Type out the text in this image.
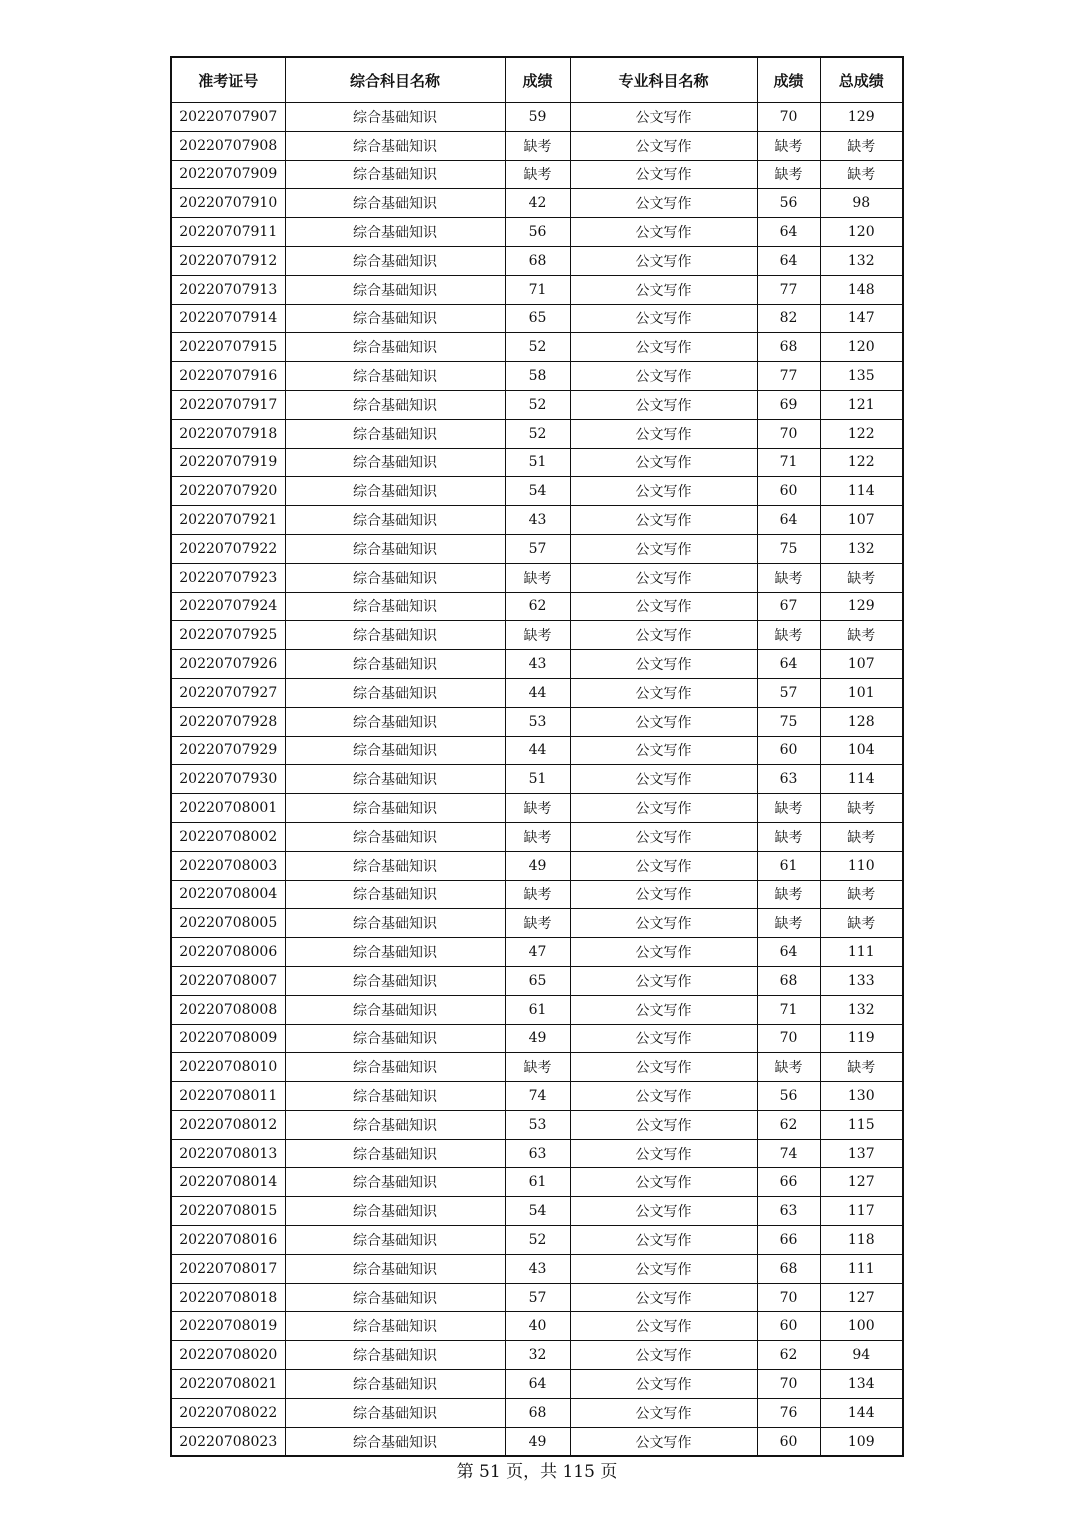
准考证号	综合科目名称	成绩	专业科目名称	成绩	总成绩
20220707907	综合基础知识	59	公文写作	70	129
20220707908	综合基础知识	缺考	公文写作	缺考	缺考
20220707909	综合基础知识	缺考	公文写作	缺考	缺考
20220707910	综合基础知识	42	公文写作	56	98
20220707911	综合基础知识	56	公文写作	64	120
20220707912	综合基础知识	68	公文写作	64	132
20220707913	综合基础知识	71	公文写作	77	148
20220707914	综合基础知识	65	公文写作	82	147
20220707915	综合基础知识	52	公文写作	68	120
20220707916	综合基础知识	58	公文写作	77	135
20220707917	综合基础知识	52	公文写作	69	121
20220707918	综合基础知识	52	公文写作	70	122
20220707919	综合基础知识	51	公文写作	71	122
20220707920	综合基础知识	54	公文写作	60	114
20220707921	综合基础知识	43	公文写作	64	107
20220707922	综合基础知识	57	公文写作	75	132
20220707923	综合基础知识	缺考	公文写作	缺考	缺考
20220707924	综合基础知识	62	公文写作	67	129
20220707925	综合基础知识	缺考	公文写作	缺考	缺考
20220707926	综合基础知识	43	公文写作	64	107
20220707927	综合基础知识	44	公文写作	57	101
20220707928	综合基础知识	53	公文写作	75	128
20220707929	综合基础知识	44	公文写作	60	104
20220707930	综合基础知识	51	公文写作	63	114
20220708001	综合基础知识	缺考	公文写作	缺考	缺考
20220708002	综合基础知识	缺考	公文写作	缺考	缺考
20220708003	综合基础知识	49	公文写作	61	110
20220708004	综合基础知识	缺考	公文写作	缺考	缺考
20220708005	综合基础知识	缺考	公文写作	缺考	缺考
20220708006	综合基础知识	47	公文写作	64	111
20220708007	综合基础知识	65	公文写作	68	133
20220708008	综合基础知识	61	公文写作	71	132
20220708009	综合基础知识	49	公文写作	70	119
20220708010	综合基础知识	缺考	公文写作	缺考	缺考
20220708011	综合基础知识	74	公文写作	56	130
20220708012	综合基础知识	53	公文写作	62	115
20220708013	综合基础知识	63	公文写作	74	137
20220708014	综合基础知识	61	公文写作	66	127
20220708015	综合基础知识	54	公文写作	63	117
20220708016	综合基础知识	52	公文写作	66	118
20220708017	综合基础知识	43	公文写作	68	111
20220708018	综合基础知识	57	公文写作	70	127
20220708019	综合基础知识	40	公文写作	60	100
20220708020	综合基础知识	32	公文写作	62	94
20220708021	综合基础知识	64	公文写作	70	134
20220708022	综合基础知识	68	公文写作	76	144
20220708023	综合基础知识	49	公文写作	60	109
第 51 页，共 115 页
